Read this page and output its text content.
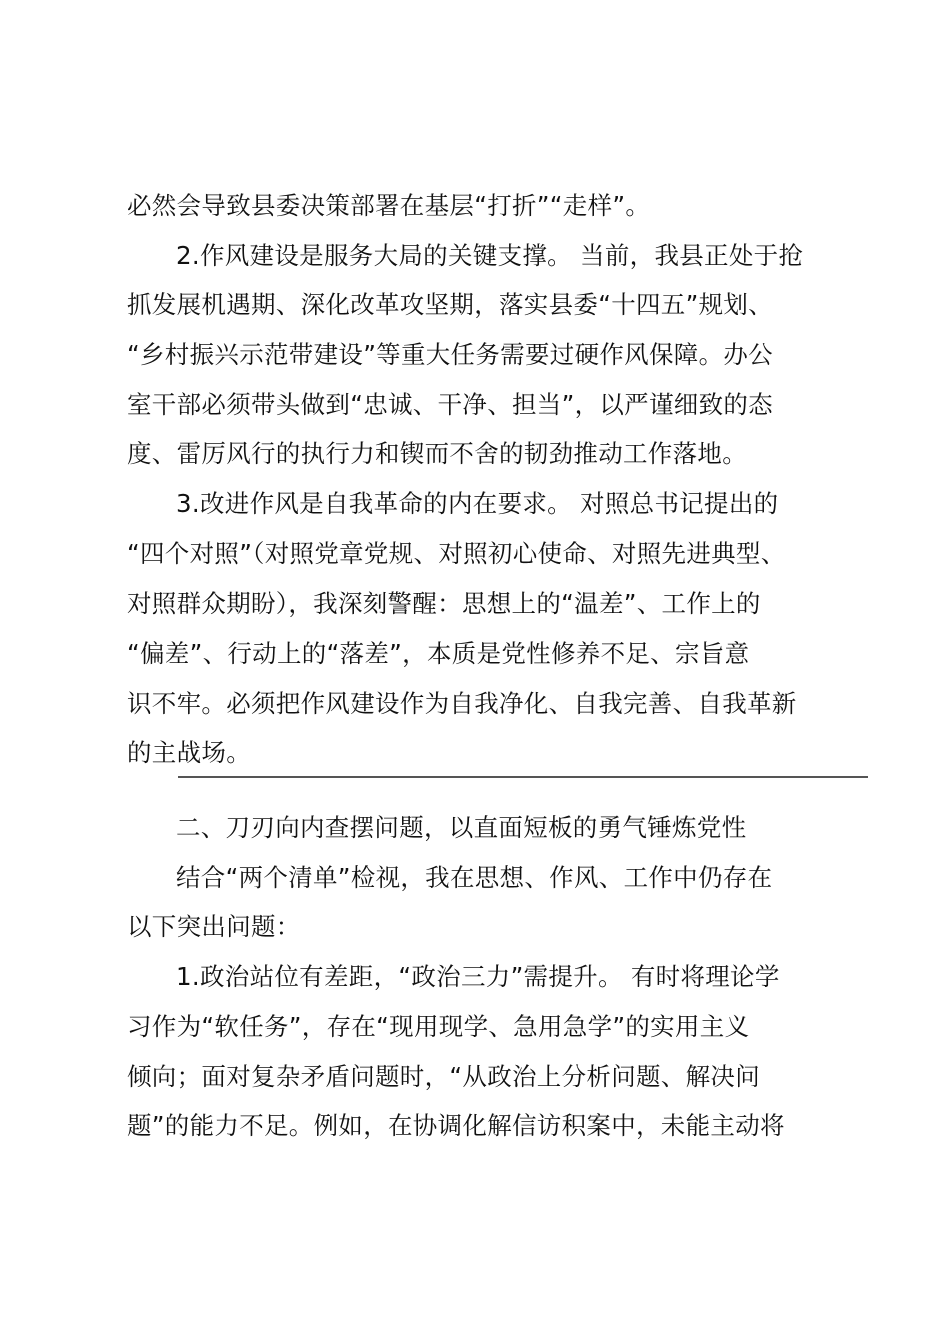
必然会导致县委决策部署在基层“打折”“走样”。
2.作风建设是服务大局的关键支撑。 当前，我县正处于抢
抓发展机遇期、深化改革攻坚期，落实县委“十四五”规划、
“乡村振兴示范带建设”等重大任务需要过硬作风保障。办公
室干部必须带头做到“忠诚、干净、担当”，以严谨细致的态
度、雷厉风行的执行力和锲而不舍的韧劲推动工作落地。
3.改进作风是自我革命的内在要求。 对照总书记提出的
“四个对照”（对照党章党规、对照初心使命、对照先进典型、
对照群众期盼），我深刻警醒：思想上的“温差”、工作上的
“偏差”、行动上的“落差”，本质是党性修养不足、宗旨意
识不牢。必须把作风建设作为自我净化、自我完善、自我革新
的主战场。
二、刀刃向内查摆问题，以直面短板的勇气锤炼党性
结合“两个清单”检视，我在思想、作风、工作中仍存在
以下突出问题：
1.政治站位有差距，“政治三力”需提升。 有时将理论学
习作为“软任务”，存在“现用现学、急用急学”的实用主义
倾向；面对复杂矛盾问题时，“从政治上分析问题、解决问
题”的能力不足。例如，在协调化解信访积案中，未能主动将
